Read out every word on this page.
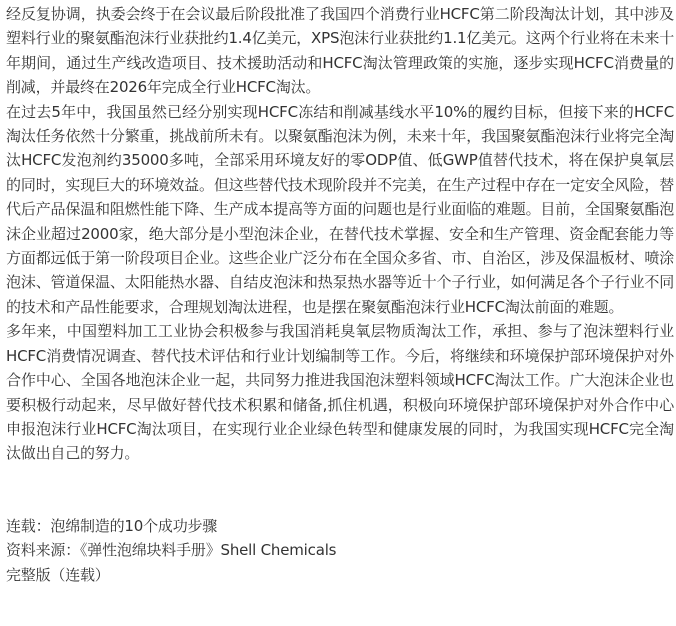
经反复协调，执委会终于在会议最后阶段批准了我国四个消费行业HCFC第二阶段淘汰计划，其中涉及塑料行业的聚氨酯泡沫行业获批约1.4亿美元，XPS泡沫行业获批约1.1亿美元。这两个行业将在未来十年期间，通过生产线改造项目、技术援助活动和HCFC淘汰管理政策的实施，逐步实现HCFC消费量的削减，并最终在2026年完成全行业HCFC淘汰。

在过去5年中，我国虽然已经分别实现HCFC冻结和削减基线水平10%的履约目标，但接下来的HCFC淘汰任务依然十分繁重，挑战前所未有。以聚氨酯泡沫为例，未来十年，我国聚氨酯泡沫行业将完全淘汰HCFC发泡剂约35000多吨，全部采用环境友好的零ODP值、低GWP值替代技术，将在保护臭氧层的同时，实现巨大的环境效益。但这些替代技术现阶段并不完美，在生产过程中存在一定安全风险，替代后产品保温和阻燃性能下降、生产成本提高等方面的问题也是行业面临的难题。目前，全国聚氨酯泡沫企业超过2000家，绝大部分是小型泡沫企业，在替代技术掌握、安全和生产管理、资金配套能力等方面都远低于第一阶段项目企业。这些企业广泛分布在全国众多省、市、自治区，涉及保温板材、喷涂泡沫、管道保温、太阳能热水器、自结皮泡沫和热泵热水器等近十个子行业，如何满足各个子行业不同的技术和产品性能要求，合理规划淘汰进程，也是摆在聚氨酯泡沫行业HCFC淘汰前面的难题。

多年来，中国塑料加工工业协会积极参与我国消耗臭氧层物质淘汰工作，承担、参与了泡沫塑料行业HCFC消费情况调查、替代技术评估和行业计划编制等工作。今后，将继续和环境保护部环境保护对外合作中心、全国各地泡沫企业一起，共同努力推进我国泡沫塑料领域HCFC淘汰工作。广大泡沫企业也要积极行动起来，尽早做好替代技术积累和储备,抓住机遇，积极向环境保护部环境保护对外合作中心申报泡沫行业HCFC淘汰项目，在实现行业企业绿色转型和健康发展的同时，为我国实现HCFC完全淘汰做出自己的努力。

连载：泡绵制造的10个成功步骤

资料来源：《弹性泡绵块料手册》Shell Chemicals

完整版（连载）
